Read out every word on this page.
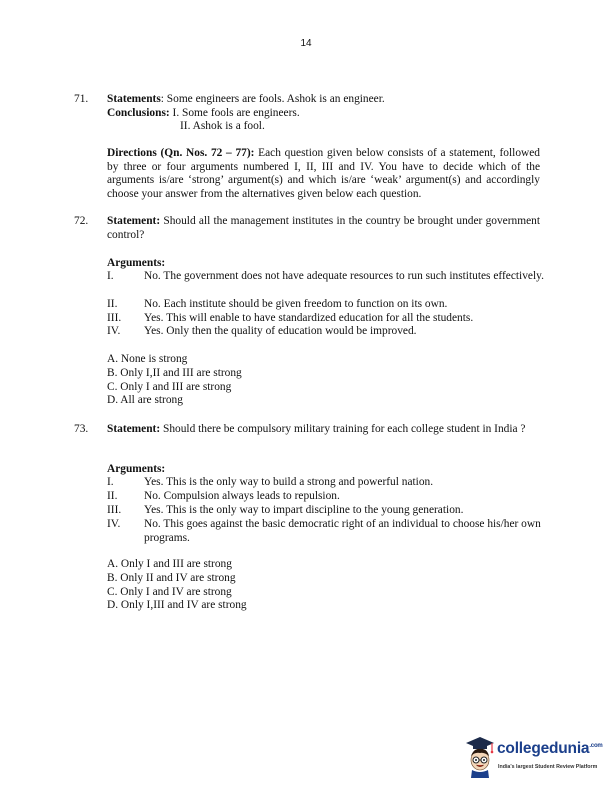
14
71. Statements: Some engineers are fools. Ashok is an engineer.
Conclusions: I. Some fools are engineers.
II. Ashok is a fool.
Directions (Qn. Nos. 72 – 77): Each question given below consists of a statement, followed by three or four arguments numbered I, II, III and IV. You have to decide which of the arguments is/are ‘strong’ argument(s) and which is/are ‘weak’ argument(s) and accordingly choose your answer from the alternatives given below each question.
72. Statement: Should all the management institutes in the country be brought under government control?
Arguments:
I.	No. The government does not have adequate resources to run such institutes effectively.
II. No. Each institute should be given freedom to function on its own.
III. Yes. This will enable to have standardized education for all the students.
IV. Yes. Only then the quality of education would be improved.
A. None is strong
B. Only I,II and III are strong
C. Only I and III are strong
D. All are strong
73. Statement: Should there be compulsory military training for each college student in India ?
Arguments:
I.	Yes. This is the only way to build a strong and powerful nation.
II. No. Compulsion always leads to repulsion.
III. Yes. This is the only way to impart discipline to the young generation.
IV. No. This goes against the basic democratic right of an individual to choose his/her own programs.
A. Only I and III are strong
B. Only II and IV are strong
C. Only I and IV are strong
D. Only I,III and IV are strong
collegedunia$^{.com}$
India's largest Student Review Platform
